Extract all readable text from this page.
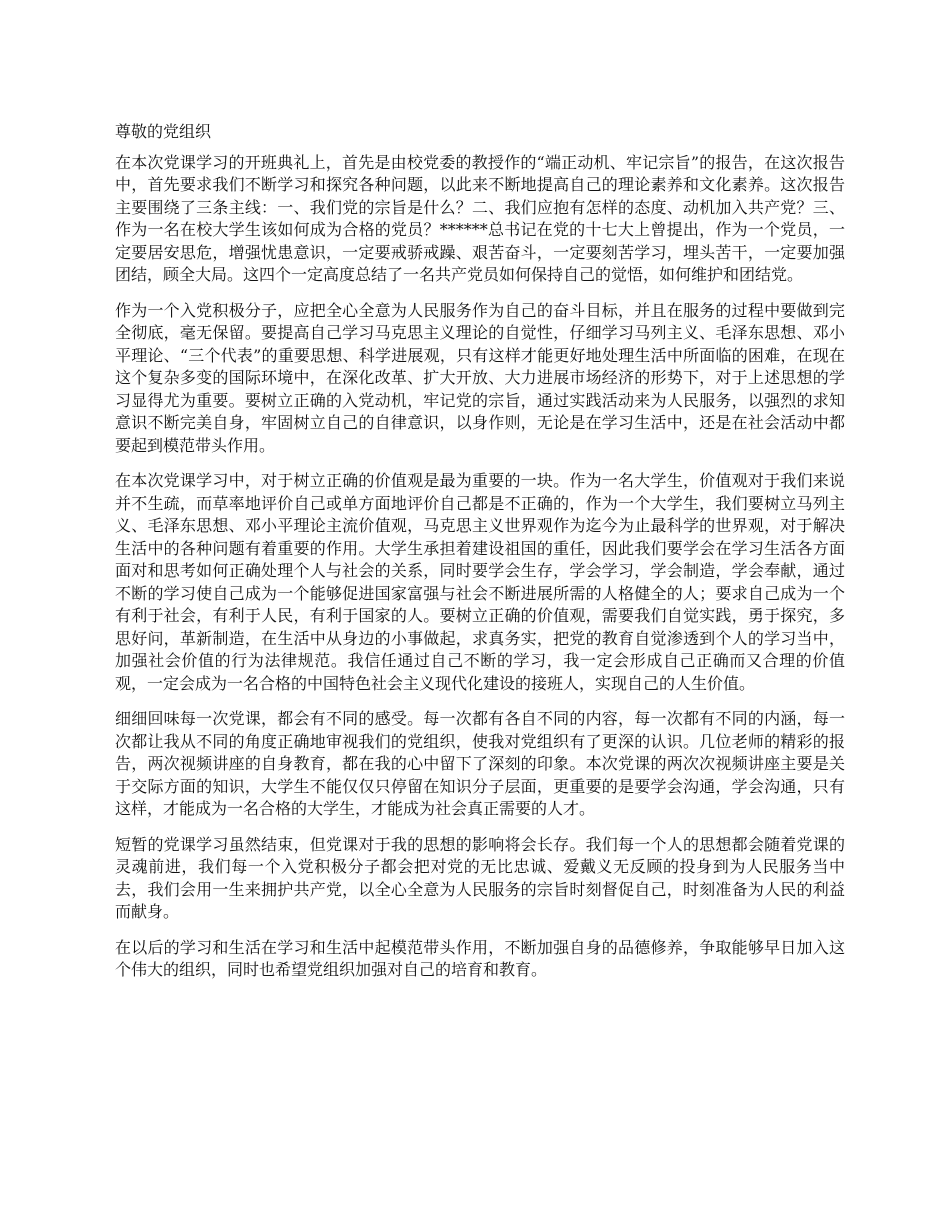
尊敬的党组织

在本次党课学习的开班典礼上，首先是由校党委的教授作的“端正动机、牢记宗旨”的报告，在这次报告中，首先要求我们不断学习和探究各种问题，以此来不断地提高自己的理论素养和文化素养。这次报告主要围绕了三条主线：一、我们党的宗旨是什么？二、我们应抱有怎样的态度、动机加入共产党？三、作为一名在校大学生该如何成为合格的党员？******总书记在党的十七大上曾提出，作为一个党员，一定要居安思危，增强忧患意识，一定要戒骄戒躁、艰苦奋斗，一定要刻苦学习，埋头苦干，一定要加强团结，顾全大局。这四个一定高度总结了一名共产党员如何保持自己的觉悟，如何维护和团结党。

作为一个入党积极分子，应把全心全意为人民服务作为自己的奋斗目标，并且在服务的过程中要做到完全彻底，毫无保留。要提高自己学习马克思主义理论的自觉性，仔细学习马列主义、毛泽东思想、邓小平理论、“三个代表”的重要思想、科学进展观，只有这样才能更好地处理生活中所面临的困难，在现在这个复杂多变的国际环境中，在深化改革、扩大开放、大力进展市场经济的形势下，对于上述思想的学习显得尤为重要。要树立正确的入党动机，牢记党的宗旨，通过实践活动来为人民服务，以强烈的求知意识不断完美自身，牢固树立自己的自律意识，以身作则，无论是在学习生活中，还是在社会活动中都要起到模范带头作用。

在本次党课学习中，对于树立正确的价值观是最为重要的一块。作为一名大学生，价值观对于我们来说并不生疏，而草率地评价自己或单方面地评价自己都是不正确的，作为一个大学生，我们要树立马列主义、毛泽东思想、邓小平理论主流价值观，马克思主义世界观作为迄今为止最科学的世界观，对于解决生活中的各种问题有着重要的作用。大学生承担着建设祖国的重任，因此我们要学会在学习生活各方面面对和思考如何正确处理个人与社会的关系，同时要学会生存，学会学习，学会制造，学会奉献，通过不断的学习使自己成为一个能够促进国家富强与社会不断进展所需的人格健全的人；要求自己成为一个有利于社会，有利于人民，有利于国家的人。要树立正确的价值观，需要我们自觉实践，勇于探究，多思好问，革新制造，在生活中从身边的小事做起，求真务实，把党的教育自觉渗透到个人的学习当中，加强社会价值的行为法律规范。我信任通过自己不断的学习，我一定会形成自己正确而又合理的价值观，一定会成为一名合格的中国特色社会主义现代化建设的接班人，实现自己的人生价值。

细细回味每一次党课，都会有不同的感受。每一次都有各自不同的内容，每一次都有不同的内涵，每一次都让我从不同的角度正确地审视我们的党组织，使我对党组织有了更深的认识。几位老师的精彩的报告，两次视频讲座的自身教育，都在我的心中留下了深刻的印象。本次党课的两次次视频讲座主要是关于交际方面的知识，大学生不能仅仅只停留在知识分子层面，更重要的是要学会沟通，学会沟通，只有这样，才能成为一名合格的大学生，才能成为社会真正需要的人才。

短暂的党课学习虽然结束，但党课对于我的思想的影响将会长存。我们每一个人的思想都会随着党课的灵魂前进，我们每一个入党积极分子都会把对党的无比忠诚、爱戴义无反顾的投身到为人民服务当中去，我们会用一生来拥护共产党，以全心全意为人民服务的宗旨时刻督促自己，时刻准备为人民的利益而献身。

在以后的学习和生活在学习和生活中起模范带头作用，不断加强自身的品德修养，争取能够早日加入这个伟大的组织，同时也希望党组织加强对自己的培育和教育。
